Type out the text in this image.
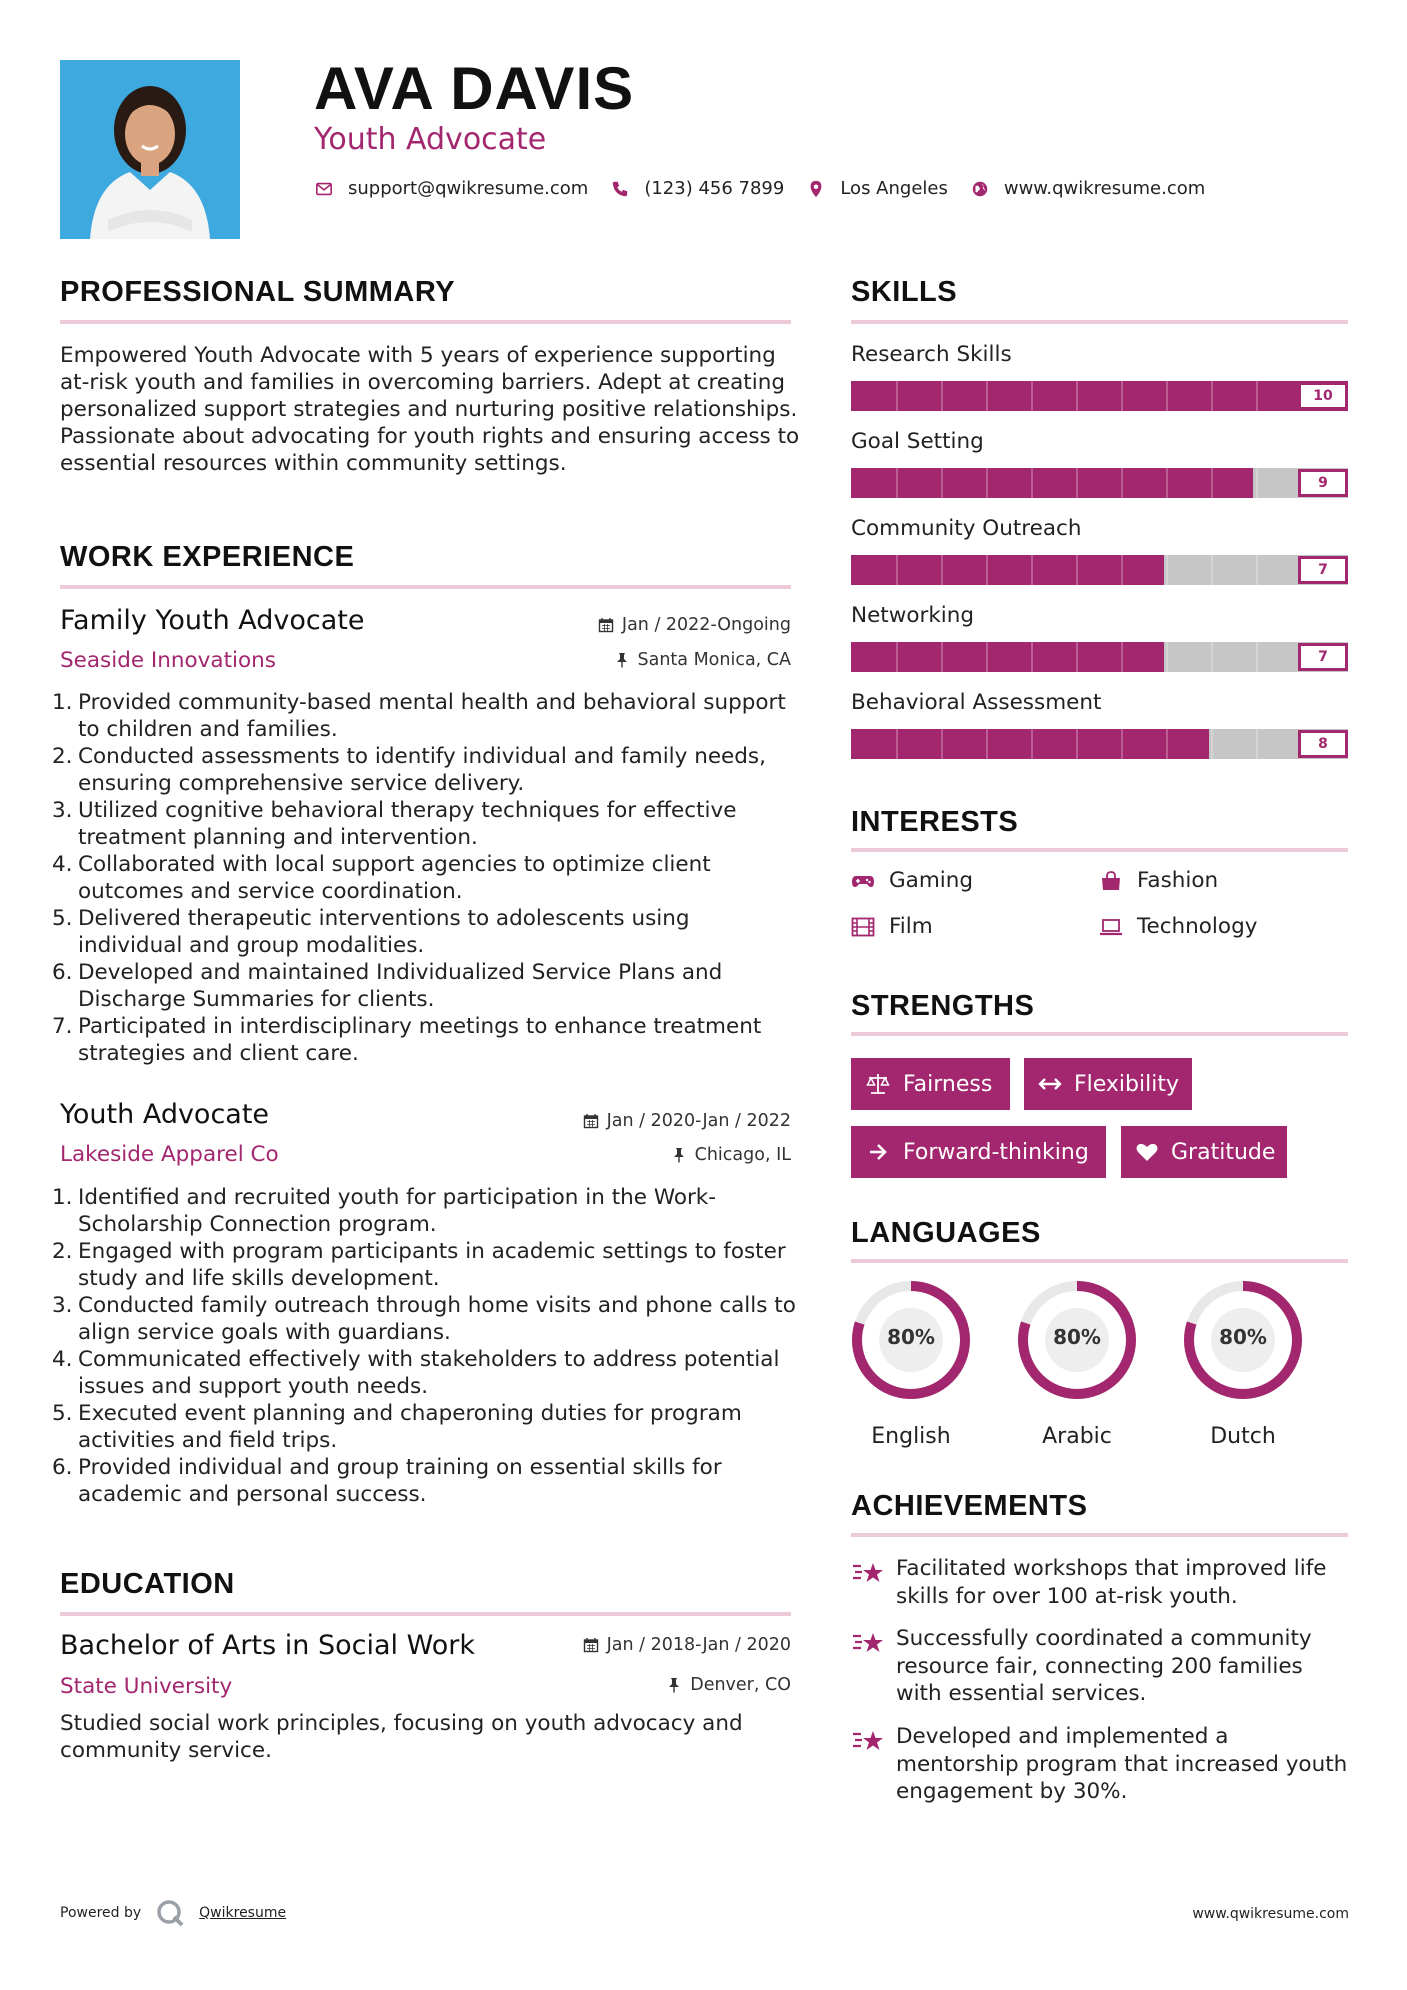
AVA DAVIS
Youth Advocate
support@qwikresume.com	(123) 456 7899	Los Angeles	www.qwikresume.com
PROFESSIONAL SUMMARY
Empowered Youth Advocate with 5 years of experience supporting at-risk youth and families in overcoming barriers. Adept at creating personalized support strategies and nurturing positive relationships. Passionate about advocating for youth rights and ensuring access to essential resources within community settings.
WORK EXPERIENCE
Family Youth Advocate	Jan / 2022-Ongoing
Seaside Innovations	Santa Monica, CA
1. Provided community-based mental health and behavioral support to children and families.
2. Conducted assessments to identify individual and family needs, ensuring comprehensive service delivery.
3. Utilized cognitive behavioral therapy techniques for effective treatment planning and intervention.
4. Collaborated with local support agencies to optimize client outcomes and service coordination.
5. Delivered therapeutic interventions to adolescents using individual and group modalities.
6. Developed and maintained Individualized Service Plans and Discharge Summaries for clients.
7. Participated in interdisciplinary meetings to enhance treatment strategies and client care.
Youth Advocate	Jan / 2020-Jan / 2022
Lakeside Apparel Co	Chicago, IL
1. Identified and recruited youth for participation in the Work-Scholarship Connection program.
2. Engaged with program participants in academic settings to foster study and life skills development.
3. Conducted family outreach through home visits and phone calls to align service goals with guardians.
4. Communicated effectively with stakeholders to address potential issues and support youth needs.
5. Executed event planning and chaperoning duties for program activities and field trips.
6. Provided individual and group training on essential skills for academic and personal success.
EDUCATION
Bachelor of Arts in Social Work	Jan / 2018-Jan / 2020
State University	Denver, CO
Studied social work principles, focusing on youth advocacy and community service.
SKILLS
Research Skills
10
Goal Setting
9
Community Outreach
7
Networking
7
Behavioral Assessment
8
INTERESTS
Gaming	Fashion
Film	Technology
STRENGTHS
Fairness	Flexibility
Forward-thinking	Gratitude
LANGUAGES
80%
English
80%
Arabic
80%
Dutch
ACHIEVEMENTS
Facilitated workshops that improved life skills for over 100 at-risk youth.
Successfully coordinated a community resource fair, connecting 200 families with essential services.
Developed and implemented a mentorship program that increased youth engagement by 30%.
Powered by	Qwikresume	www.qwikresume.com
